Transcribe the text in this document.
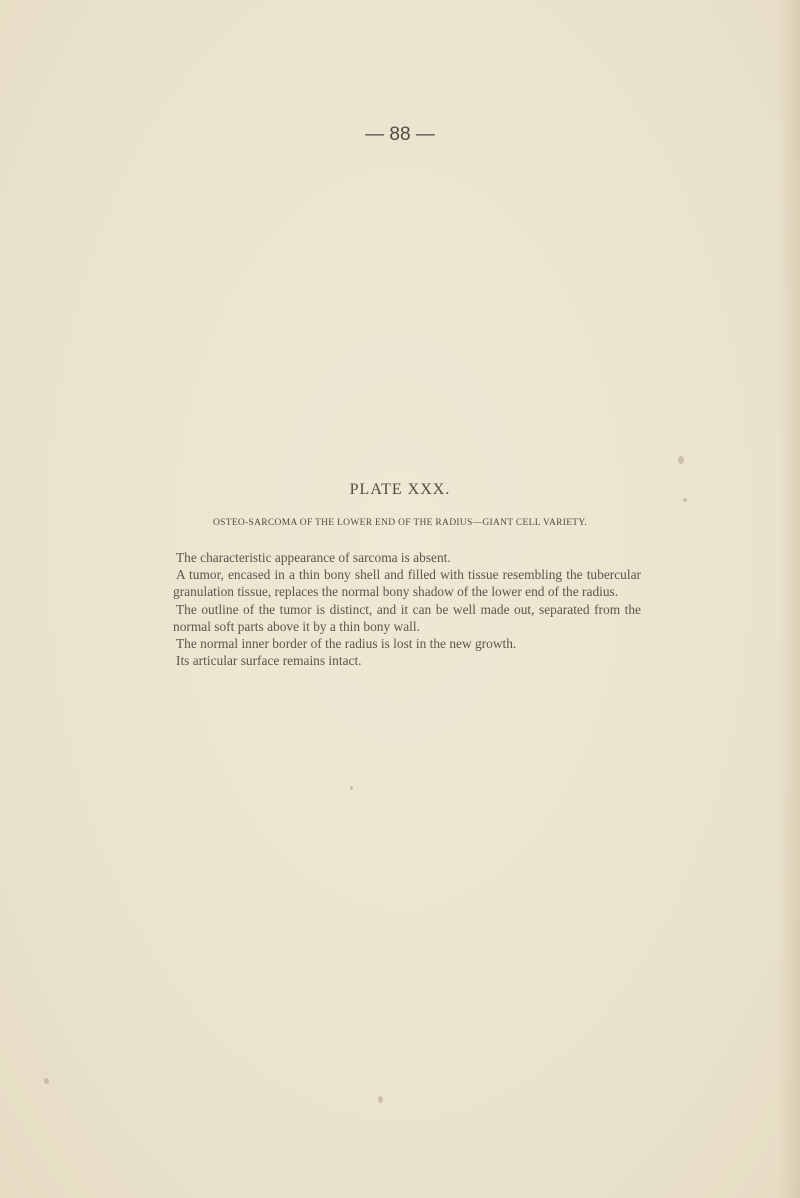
— 88 —
PLATE XXX.
OSTEO-SARCOMA OF THE LOWER END OF THE RADIUS—GIANT CELL VARIETY.

The characteristic appearance of sarcoma is absent.

A tumor, encased in a thin bony shell and filled with tissue resembling the tubercular granulation tissue, replaces the normal bony shadow of the lower end of the radius.

The outline of the tumor is distinct, and it can be well made out, separated from the normal soft parts above it by a thin bony wall.

The normal inner border of the radius is lost in the new growth.

Its articular surface remains intact.
